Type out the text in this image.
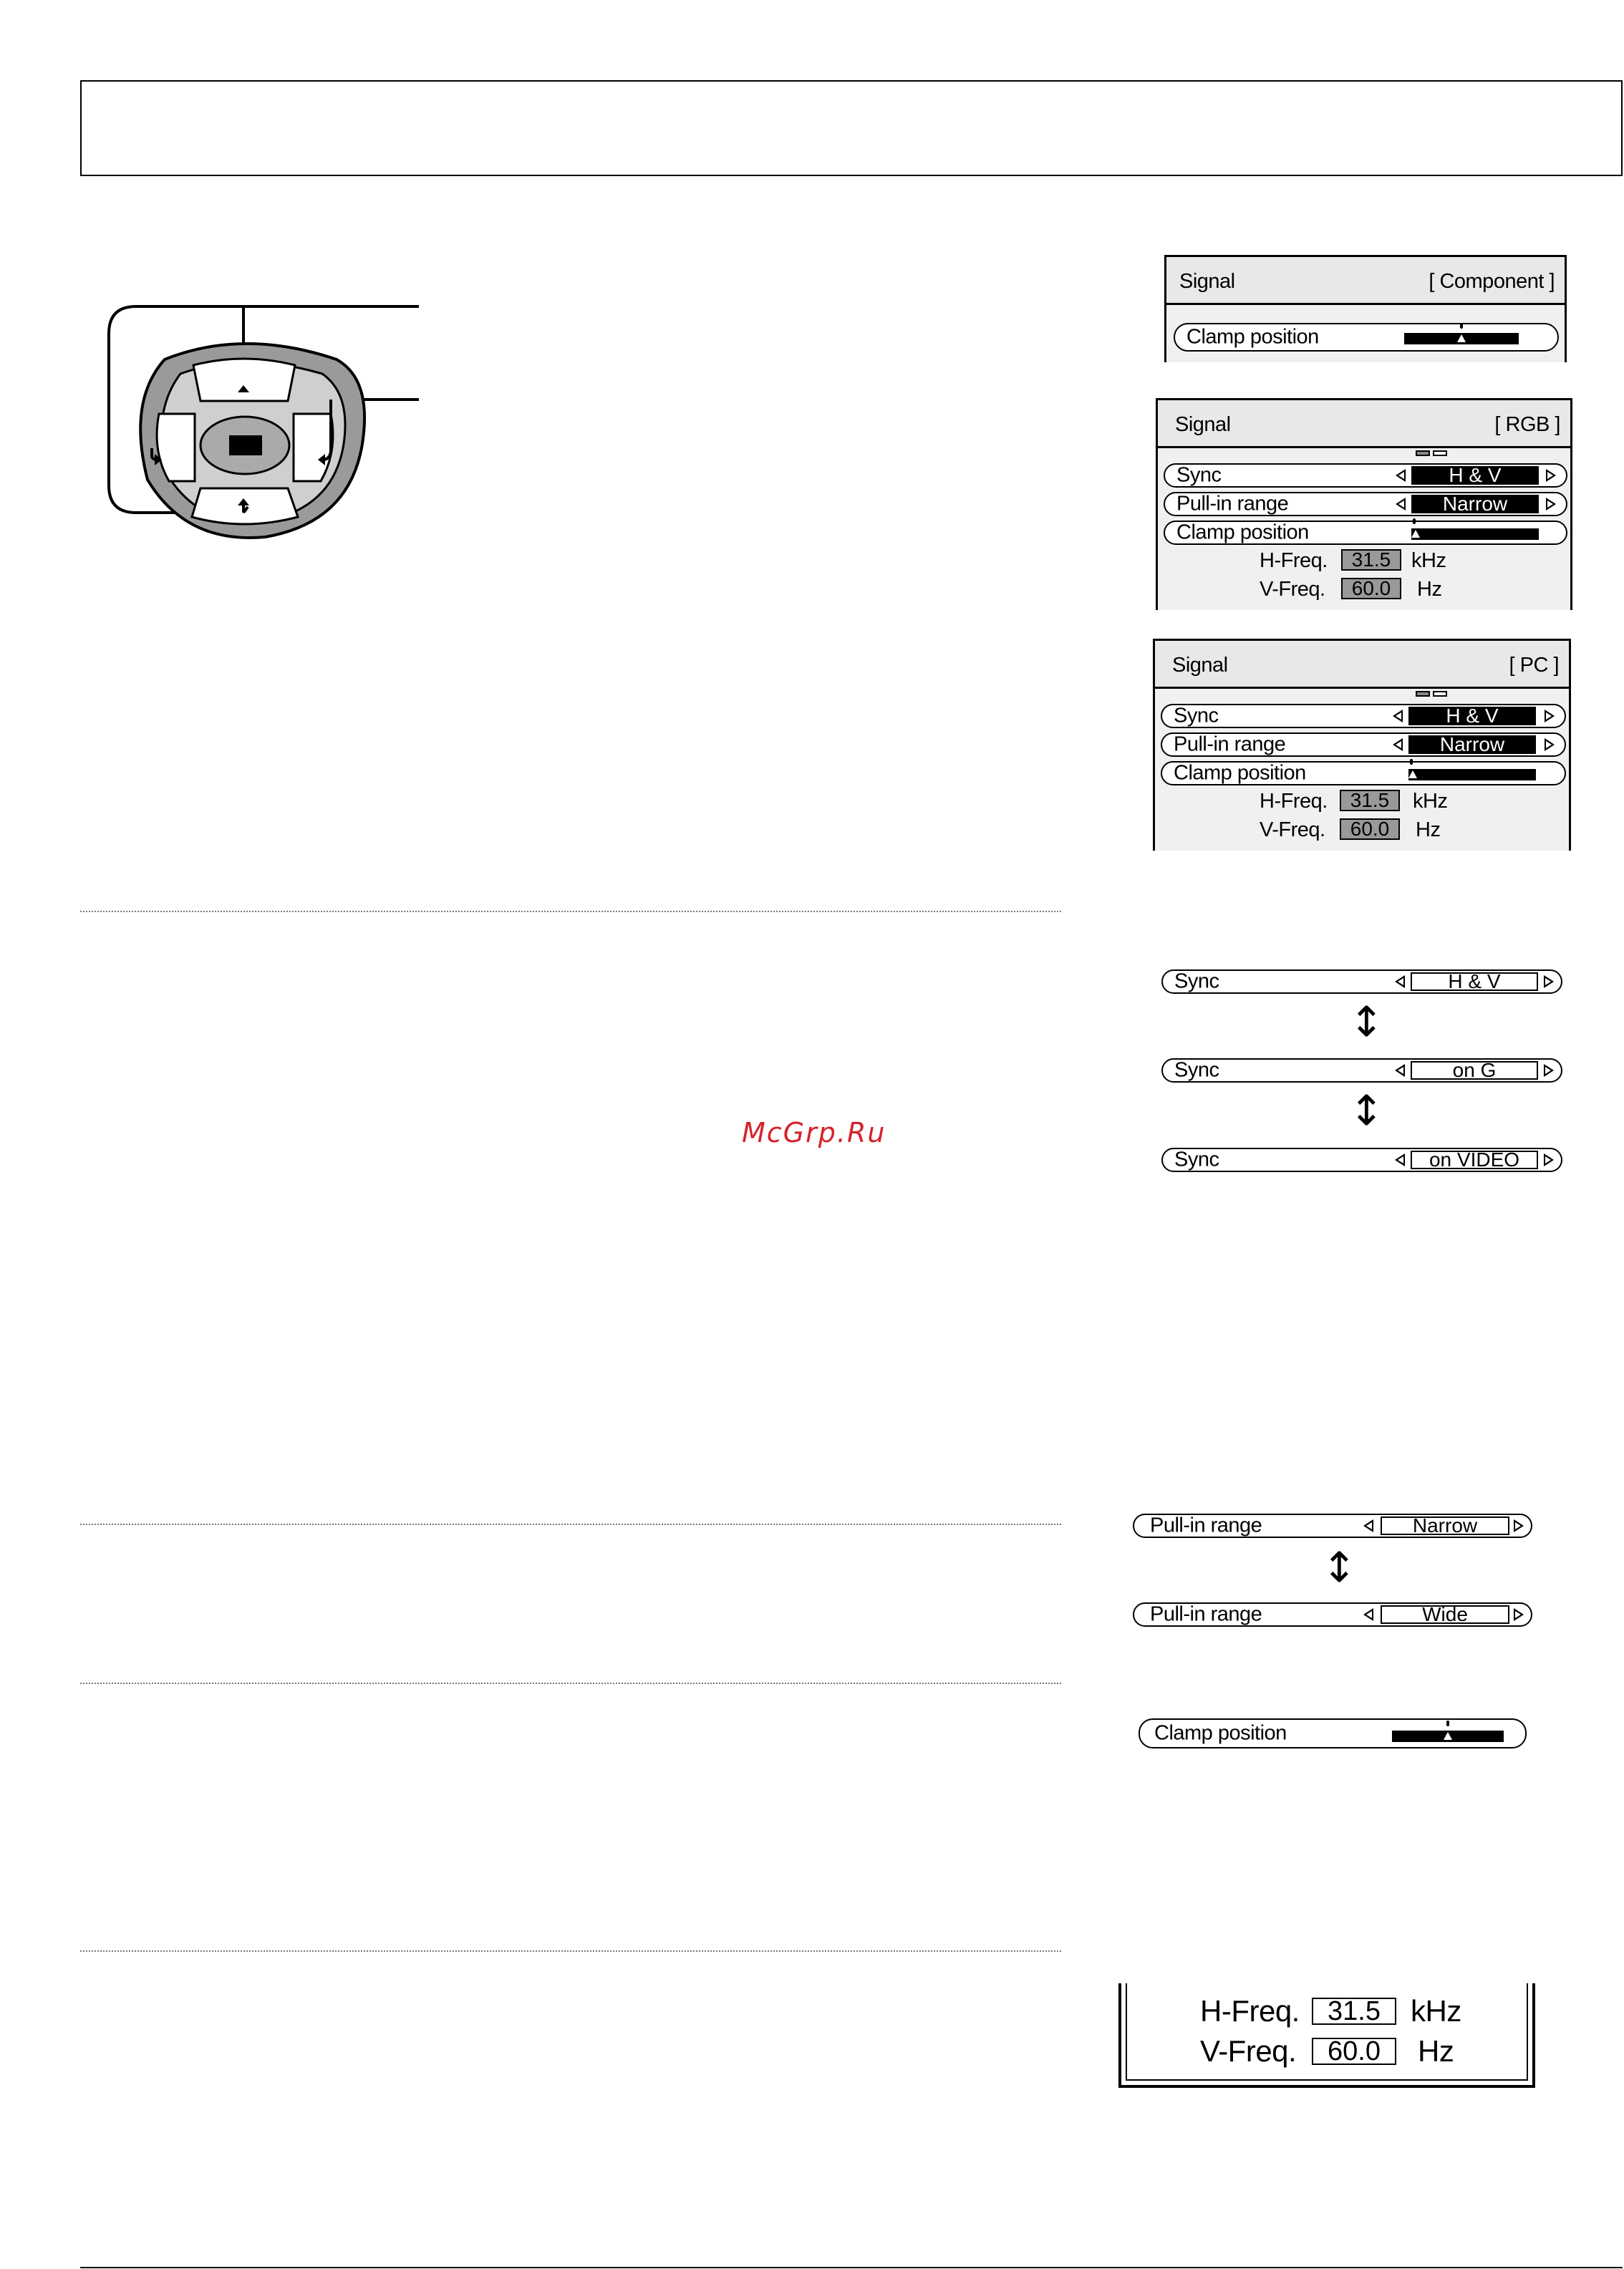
Signal	[ Component ]
Clamp position
Signal	[ RGB ]
Sync	H & V
Pull-in range	Narrow
Clamp position
H-Freq.	31.5 kHz
V-Freq.	60.0	Hz
Signal	[ PC ]
Sync	H & V
Pull-in range	Narrow
Clamp position
H-Freq.	31.5	kHz
V-Freq.	60.0	Hz
Sync	H & V
↕
Sync	on G
↕
Sync	on VIDEO
McGrp.Ru
Pull-in range	Narrow
↕
Pull-in range	Wide
Clamp position
H-Freq.	31.5	kHz
V-Freq.	60.0	Hz
